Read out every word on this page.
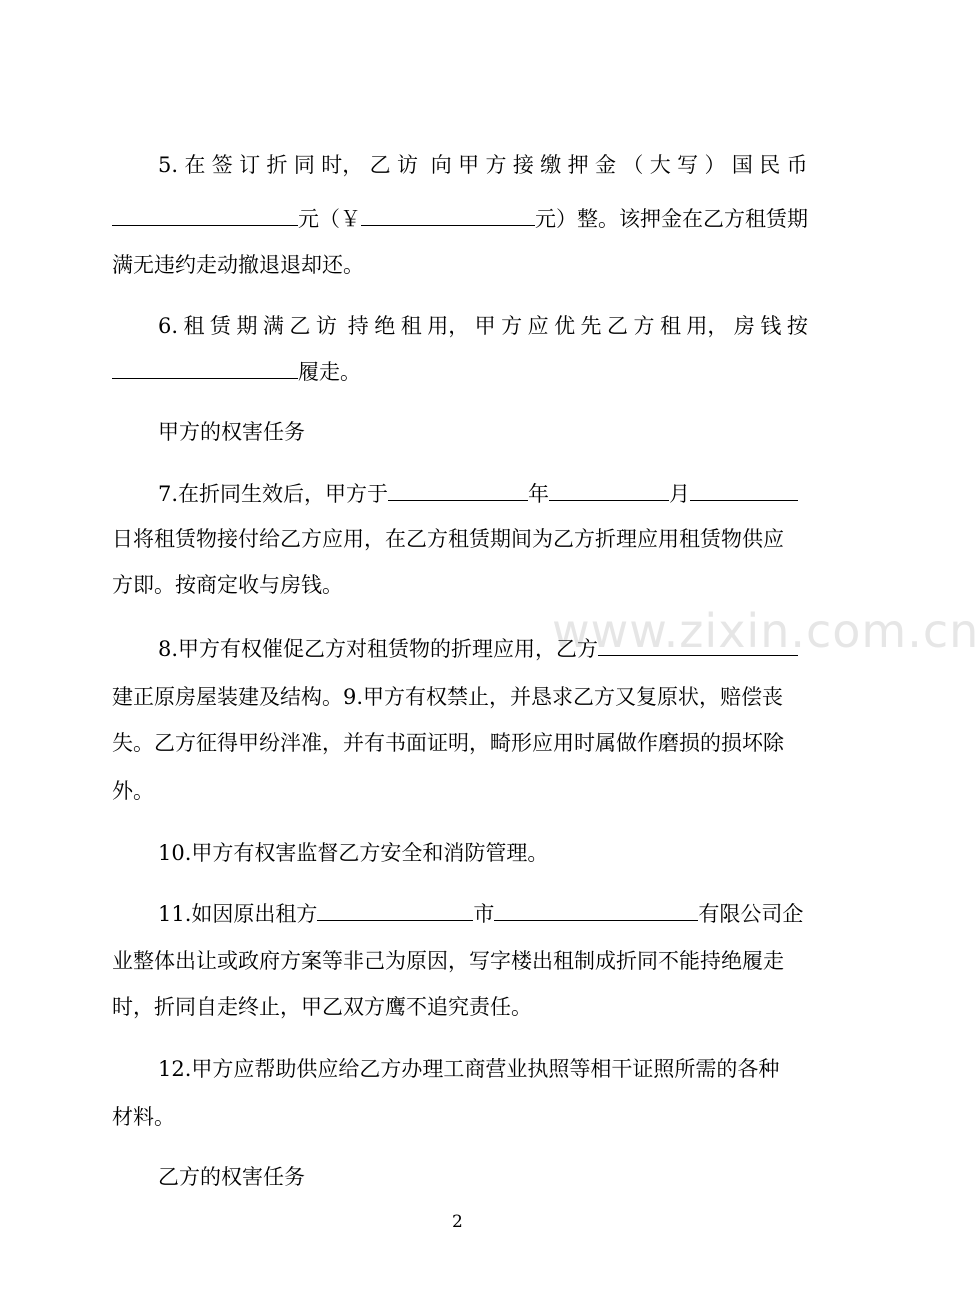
www.zixin.com.cn
5. 在 签 订 折 同 时， 乙 访 向 甲 方 接 缴 押 金 （ 大 写 ） 国 民 币
元（￥	元）整。该押金在乙方租赁期
满无违约走动撤退退却还。
6. 租 赁 期 满 乙 访 持 绝 租 用， 甲 方 应 优 先 乙 方 租 用， 房 钱 按
履走。
甲方的权害任务
7.在折同生效后，甲方于	年	月
日将租赁物接付给乙方应用，在乙方租赁期间为乙方折理应用租赁物供应
方即。按商定收与房钱。
8.甲方有权催促乙方对租赁物的折理应用，乙方
建正原房屋装建及结构。9.甲方有权禁止，并恳求乙方又复原状，赔偿丧
失。乙方征得甲纷泮准，并有书面证明，畸形应用时属做作磨损的损坏除
外。
10.甲方有权害监督乙方安全和消防管理。
11.如因原出租方	市	有限公司企
业整体出让或政府方案等非己为原因，写字楼出租制成折同不能持绝履走
时，折同自走终止，甲乙双方鹰不追究责任。
12.甲方应帮助供应给乙方办理工商营业执照等相干证照所需的各种
材料。
乙方的权害任务
2
